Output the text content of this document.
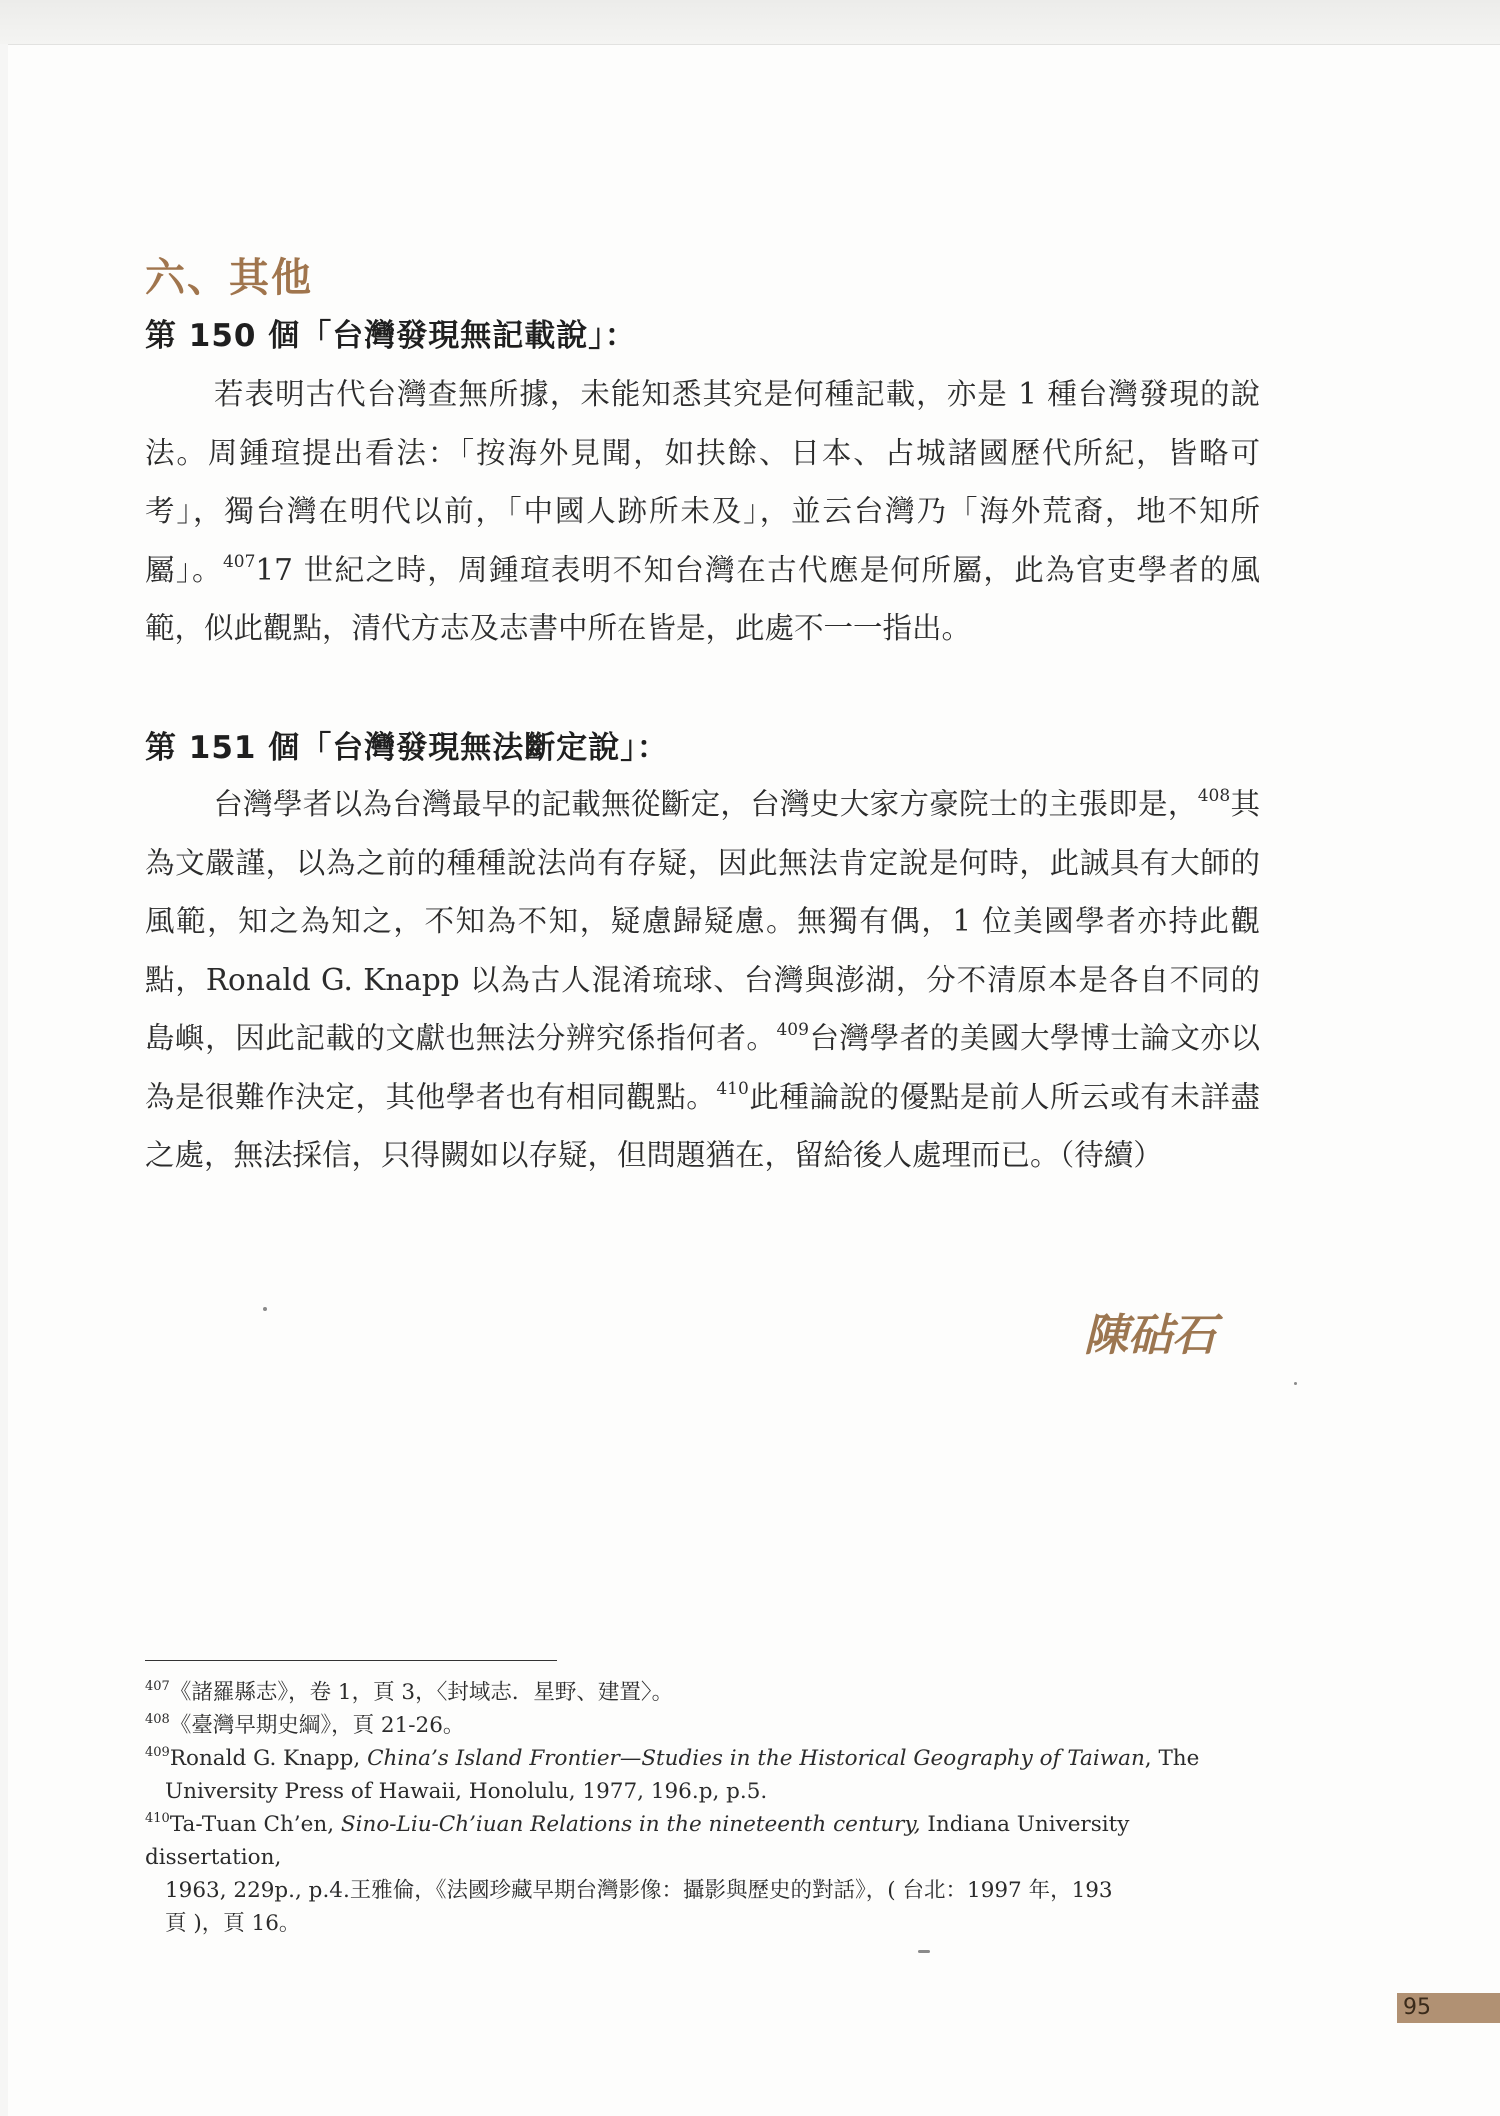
六、其他
第 150 個「台灣發現無記載說」：

若表明古代台灣查無所據，未能知悉其究是何種記載，亦是 1 種台灣發現的說法。周鍾瑄提出看法：「按海外見聞，如扶餘、日本、占城諸國歷代所紀，皆略可考」，獨台灣在明代以前，「中國人跡所未及」，並云台灣乃「海外荒裔，地不知所屬」。$^{407}$17 世紀之時，周鍾瑄表明不知台灣在古代應是何所屬，此為官吏學者的風範，似此觀點，清代方志及志書中所在皆是，此處不一一指出。

第 151 個「台灣發現無法斷定說」：

台灣學者以為台灣最早的記載無從斷定，台灣史大家方豪院士的主張即是，$^{408}$其為文嚴謹，以為之前的種種說法尚有存疑，因此無法肯定說是何時，此誠具有大師的風範，知之為知之，不知為不知，疑慮歸疑慮。無獨有偶，1 位美國學者亦持此觀點，Ronald G. Knapp 以為古人混淆琉球、台灣與澎湖，分不清原本是各自不同的島嶼，因此記載的文獻也無法分辨究係指何者。$^{409}$台灣學者的美國大學博士論文亦以為是很難作決定，其他學者也有相同觀點。$^{410}$此種論說的優點是前人所云或有未詳盡之處，無法採信，只得闕如以存疑，但問題猶在，留給後人處理而已。（待續）

陳砧石

$^{407}$《諸羅縣志》，卷 1，頁 3，〈封域志．星野、建置〉。

$^{408}$《臺灣早期史綱》，頁 21-26。

$^{409}$Ronald G. Knapp, China’s Island Frontier—Studies in the Historical Geography of Taiwan, The
University Press of Hawaii, Honolulu, 1977, 196.p, p.5.

$^{410}$Ta-Tuan Ch’en, Sino-Liu-Ch’iuan Relations in the nineteenth century, Indiana University dissertation,
1963, 229p., p.4.王雅倫，《法國珍藏早期台灣影像：攝影與歷史的對話》，( 台北：1997 年，193
頁 )，頁 16。

95
